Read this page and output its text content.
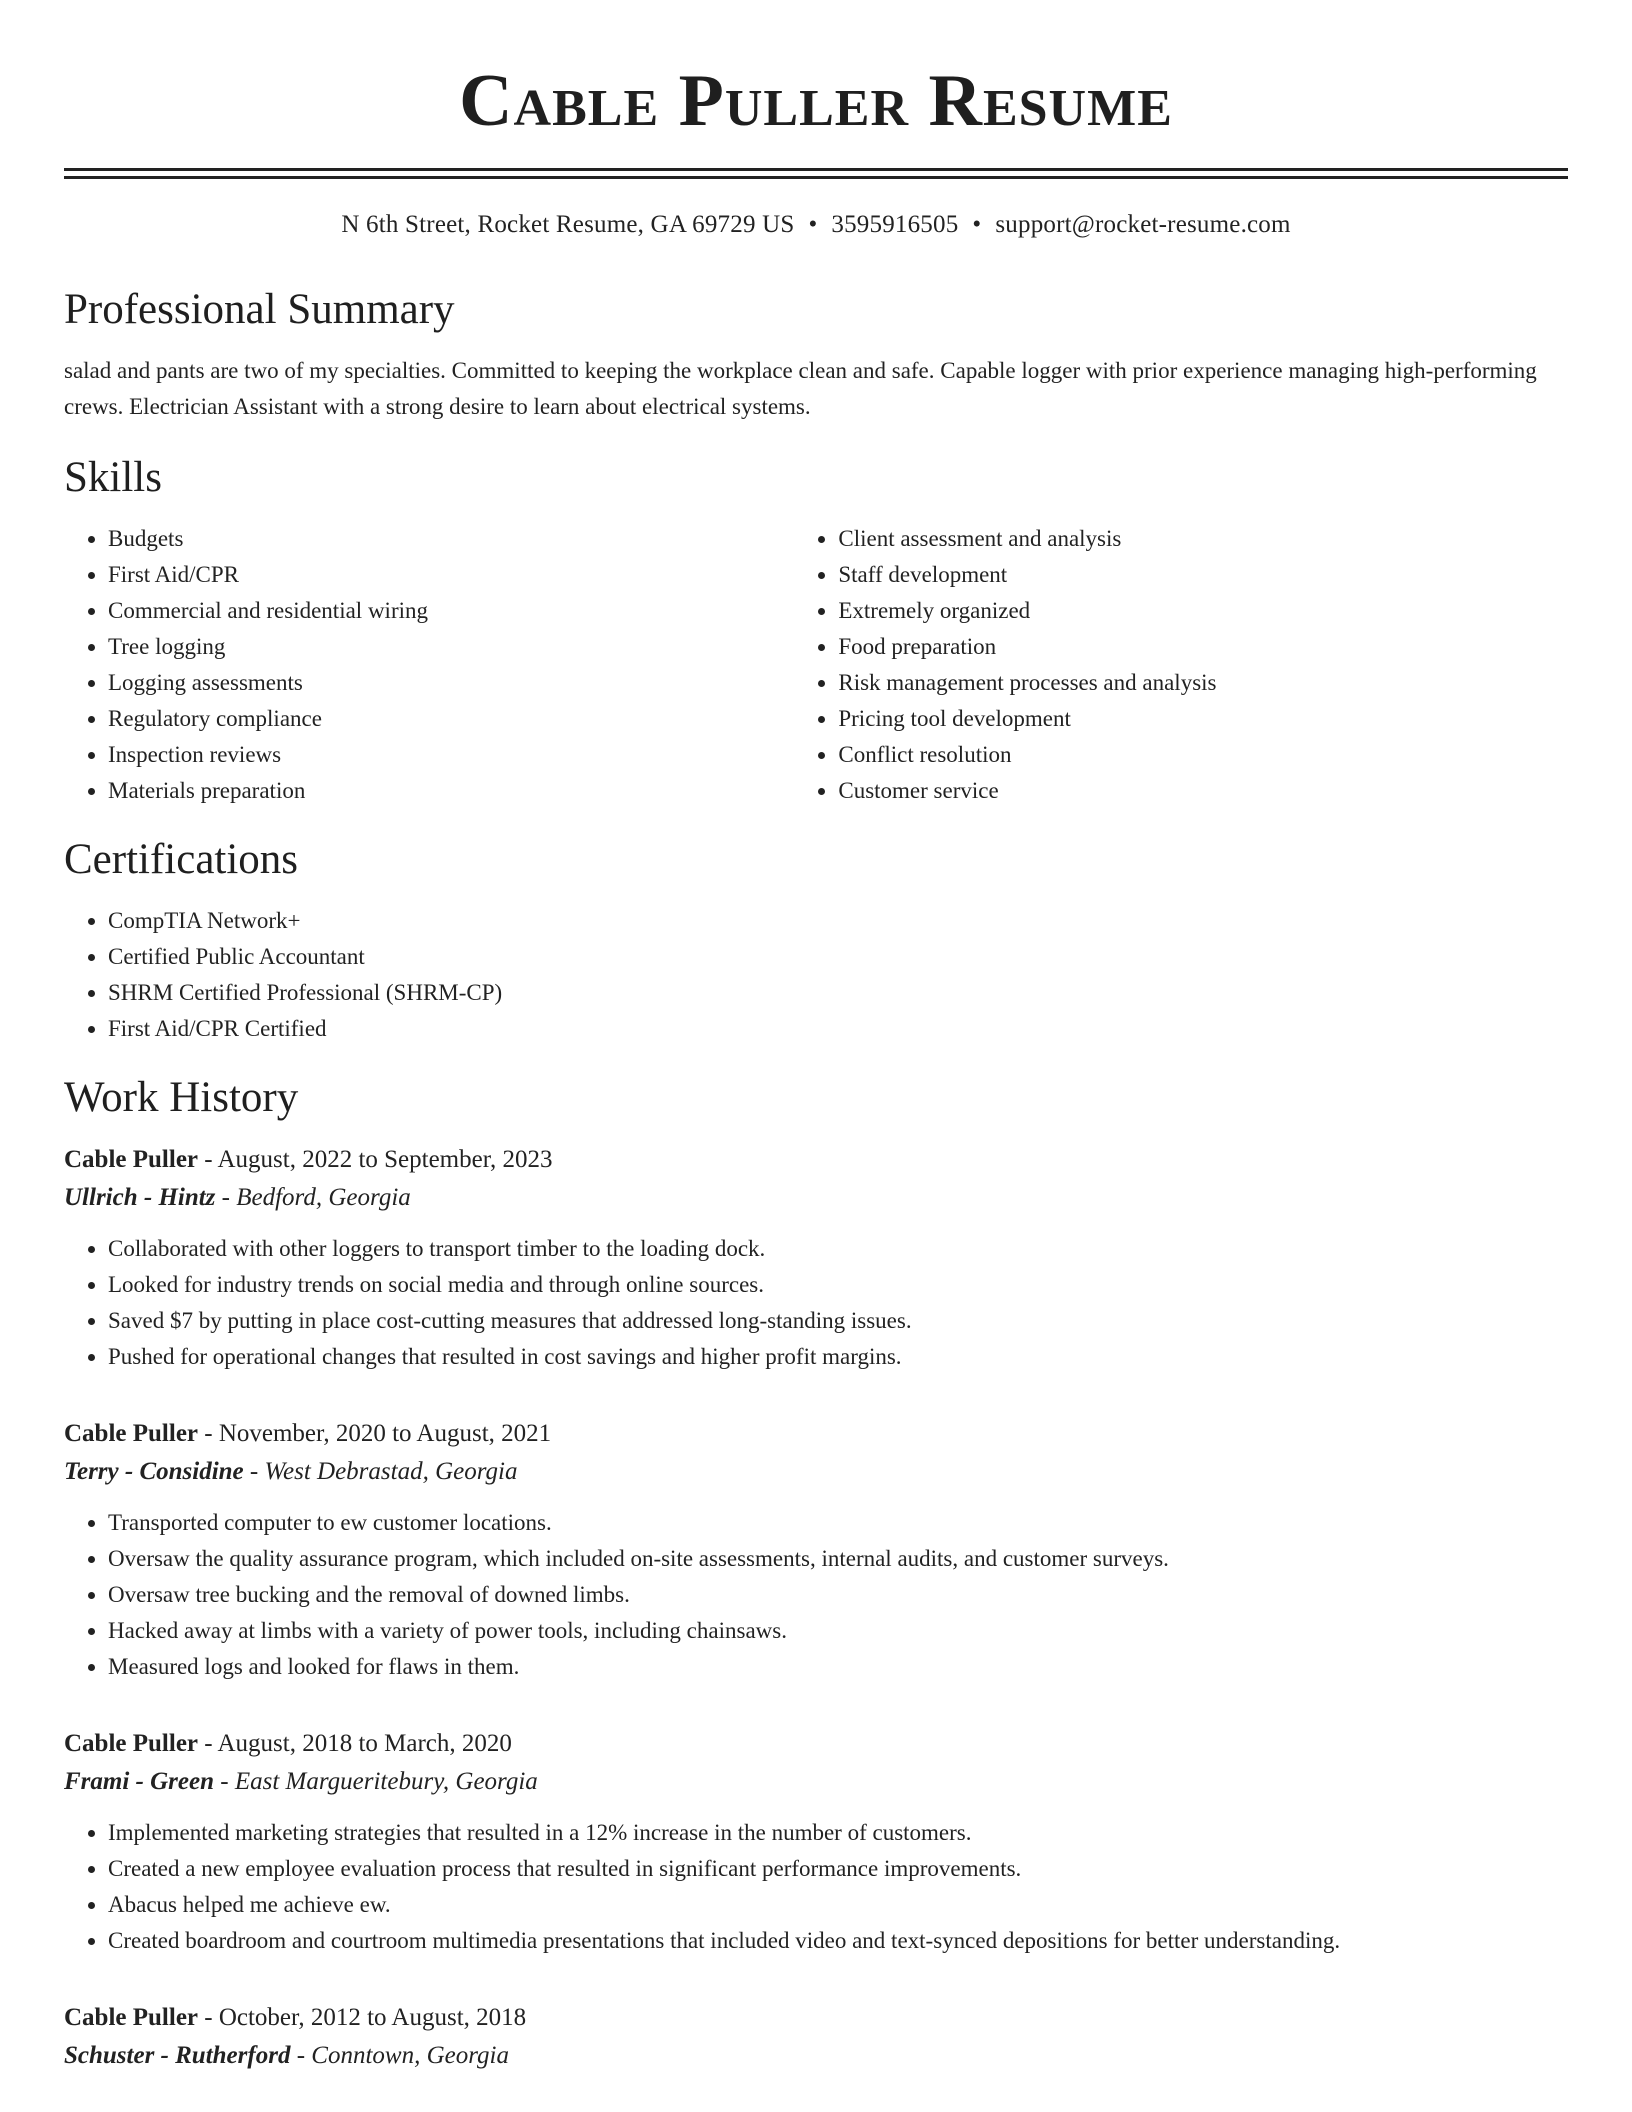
Cable Puller Resume
N 6th Street, Rocket Resume, GA 69729 US • 3595916505 • support@rocket-resume.com
Professional Summary

salad and pants are two of my specialties. Committed to keeping the workplace clean and safe. Capable logger with prior experience managing high-performing crews. Electrician Assistant with a strong desire to learn about electrical systems.

Skills
• Budgets
• First Aid/CPR
• Commercial and residential wiring
• Tree logging
• Logging assessments
• Regulatory compliance
• Inspection reviews
• Materials preparation
• Client assessment and analysis
• Staff development
• Extremely organized
• Food preparation
• Risk management processes and analysis
• Pricing tool development
• Conflict resolution
• Customer service
Certifications
• CompTIA Network+
• Certified Public Accountant
• SHRM Certified Professional (SHRM-CP)
• First Aid/CPR Certified
Work History
Cable Puller - August, 2022 to September, 2023
Ullrich - Hintz - Bedford, Georgia
• Collaborated with other loggers to transport timber to the loading dock.
• Looked for industry trends on social media and through online sources.
• Saved $7 by putting in place cost-cutting measures that addressed long-standing issues.
• Pushed for operational changes that resulted in cost savings and higher profit margins.
Cable Puller - November, 2020 to August, 2021
Terry - Considine - West Debrastad, Georgia
• Transported computer to ew customer locations.
• Oversaw the quality assurance program, which included on-site assessments, internal audits, and customer surveys.
• Oversaw tree bucking and the removal of downed limbs.
• Hacked away at limbs with a variety of power tools, including chainsaws.
• Measured logs and looked for flaws in them.
Cable Puller - August, 2018 to March, 2020
Frami - Green - East Margueritebury, Georgia
• Implemented marketing strategies that resulted in a 12% increase in the number of customers.
• Created a new employee evaluation process that resulted in significant performance improvements.
• Abacus helped me achieve ew.
• Created boardroom and courtroom multimedia presentations that included video and text-synced depositions for better understanding.
Cable Puller - October, 2012 to August, 2018
Schuster - Rutherford - Conntown, Georgia
